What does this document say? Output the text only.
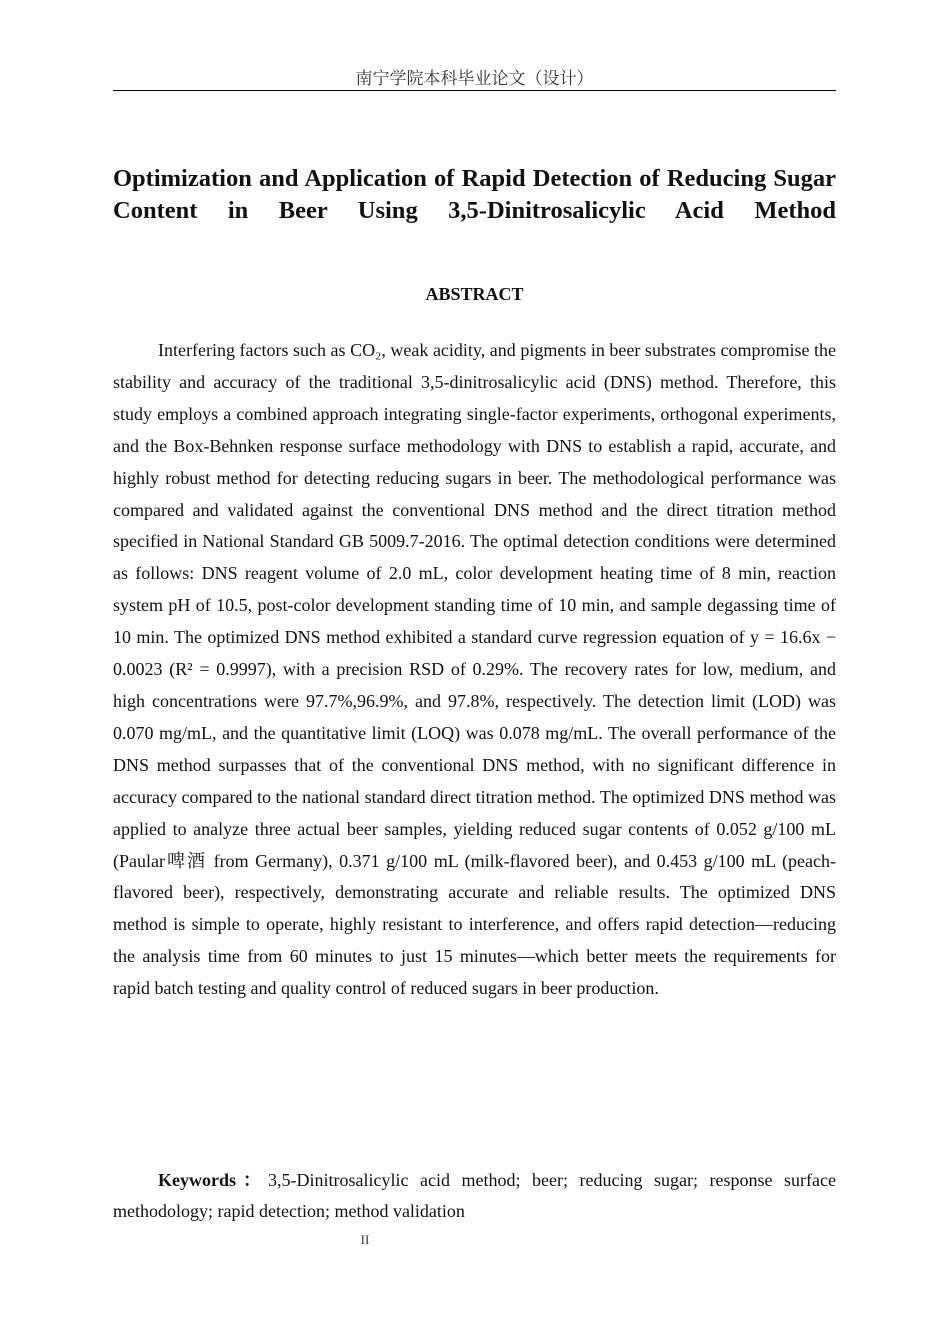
南宁学院本科毕业论文（设计）
Optimization and Application of Rapid Detection of Reducing Sugar Content in Beer Using 3,5-Dinitrosalicylic Acid Method
ABSTRACT

Interfering factors such as CO₂, weak acidity, and pigments in beer substrates compromise the stability and accuracy of the traditional 3,5-dinitrosalicylic acid (DNS) method. Therefore, this study employs a combined approach integrating single-factor experiments, orthogonal experiments, and the Box-Behnken response surface methodology with DNS to establish a rapid, accurate, and highly robust method for detecting reducing sugars in beer. The methodological performance was compared and validated against the conventional DNS method and the direct titration method specified in National Standard GB 5009.7-2016. The optimal detection conditions were determined as follows: DNS reagent volume of 2.0 mL, color development heating time of 8 min, reaction system pH of 10.5, post-color development standing time of 10 min, and sample degassing time of 10 min. The optimized DNS method exhibited a standard curve regression equation of y = 16.6x − 0.0023 (R² = 0.9997), with a precision RSD of 0.29%. The recovery rates for low, medium, and high concentrations were 97.7%,96.9%, and 97.8%, respectively. The detection limit (LOD) was 0.070 mg/mL, and the quantitative limit (LOQ) was 0.078 mg/mL. The overall performance of the DNS method surpasses that of the conventional DNS method, with no significant difference in accuracy compared to the national standard direct titration method. The optimized DNS method was applied to analyze three actual beer samples, yielding reduced sugar contents of 0.052 g/100 mL (Paular啤酒 from Germany), 0.371 g/100 mL (milk-flavored beer), and 0.453 g/100 mL (peach-flavored beer), respectively, demonstrating accurate and reliable results. The optimized DNS method is simple to operate, highly resistant to interference, and offers rapid detection—reducing the analysis time from 60 minutes to just 15 minutes—which better meets the requirements for rapid batch testing and quality control of reduced sugars in beer production.

Keywords：3,5-Dinitrosalicylic acid method; beer; reducing sugar; response surface methodology; rapid detection; method validation

II
